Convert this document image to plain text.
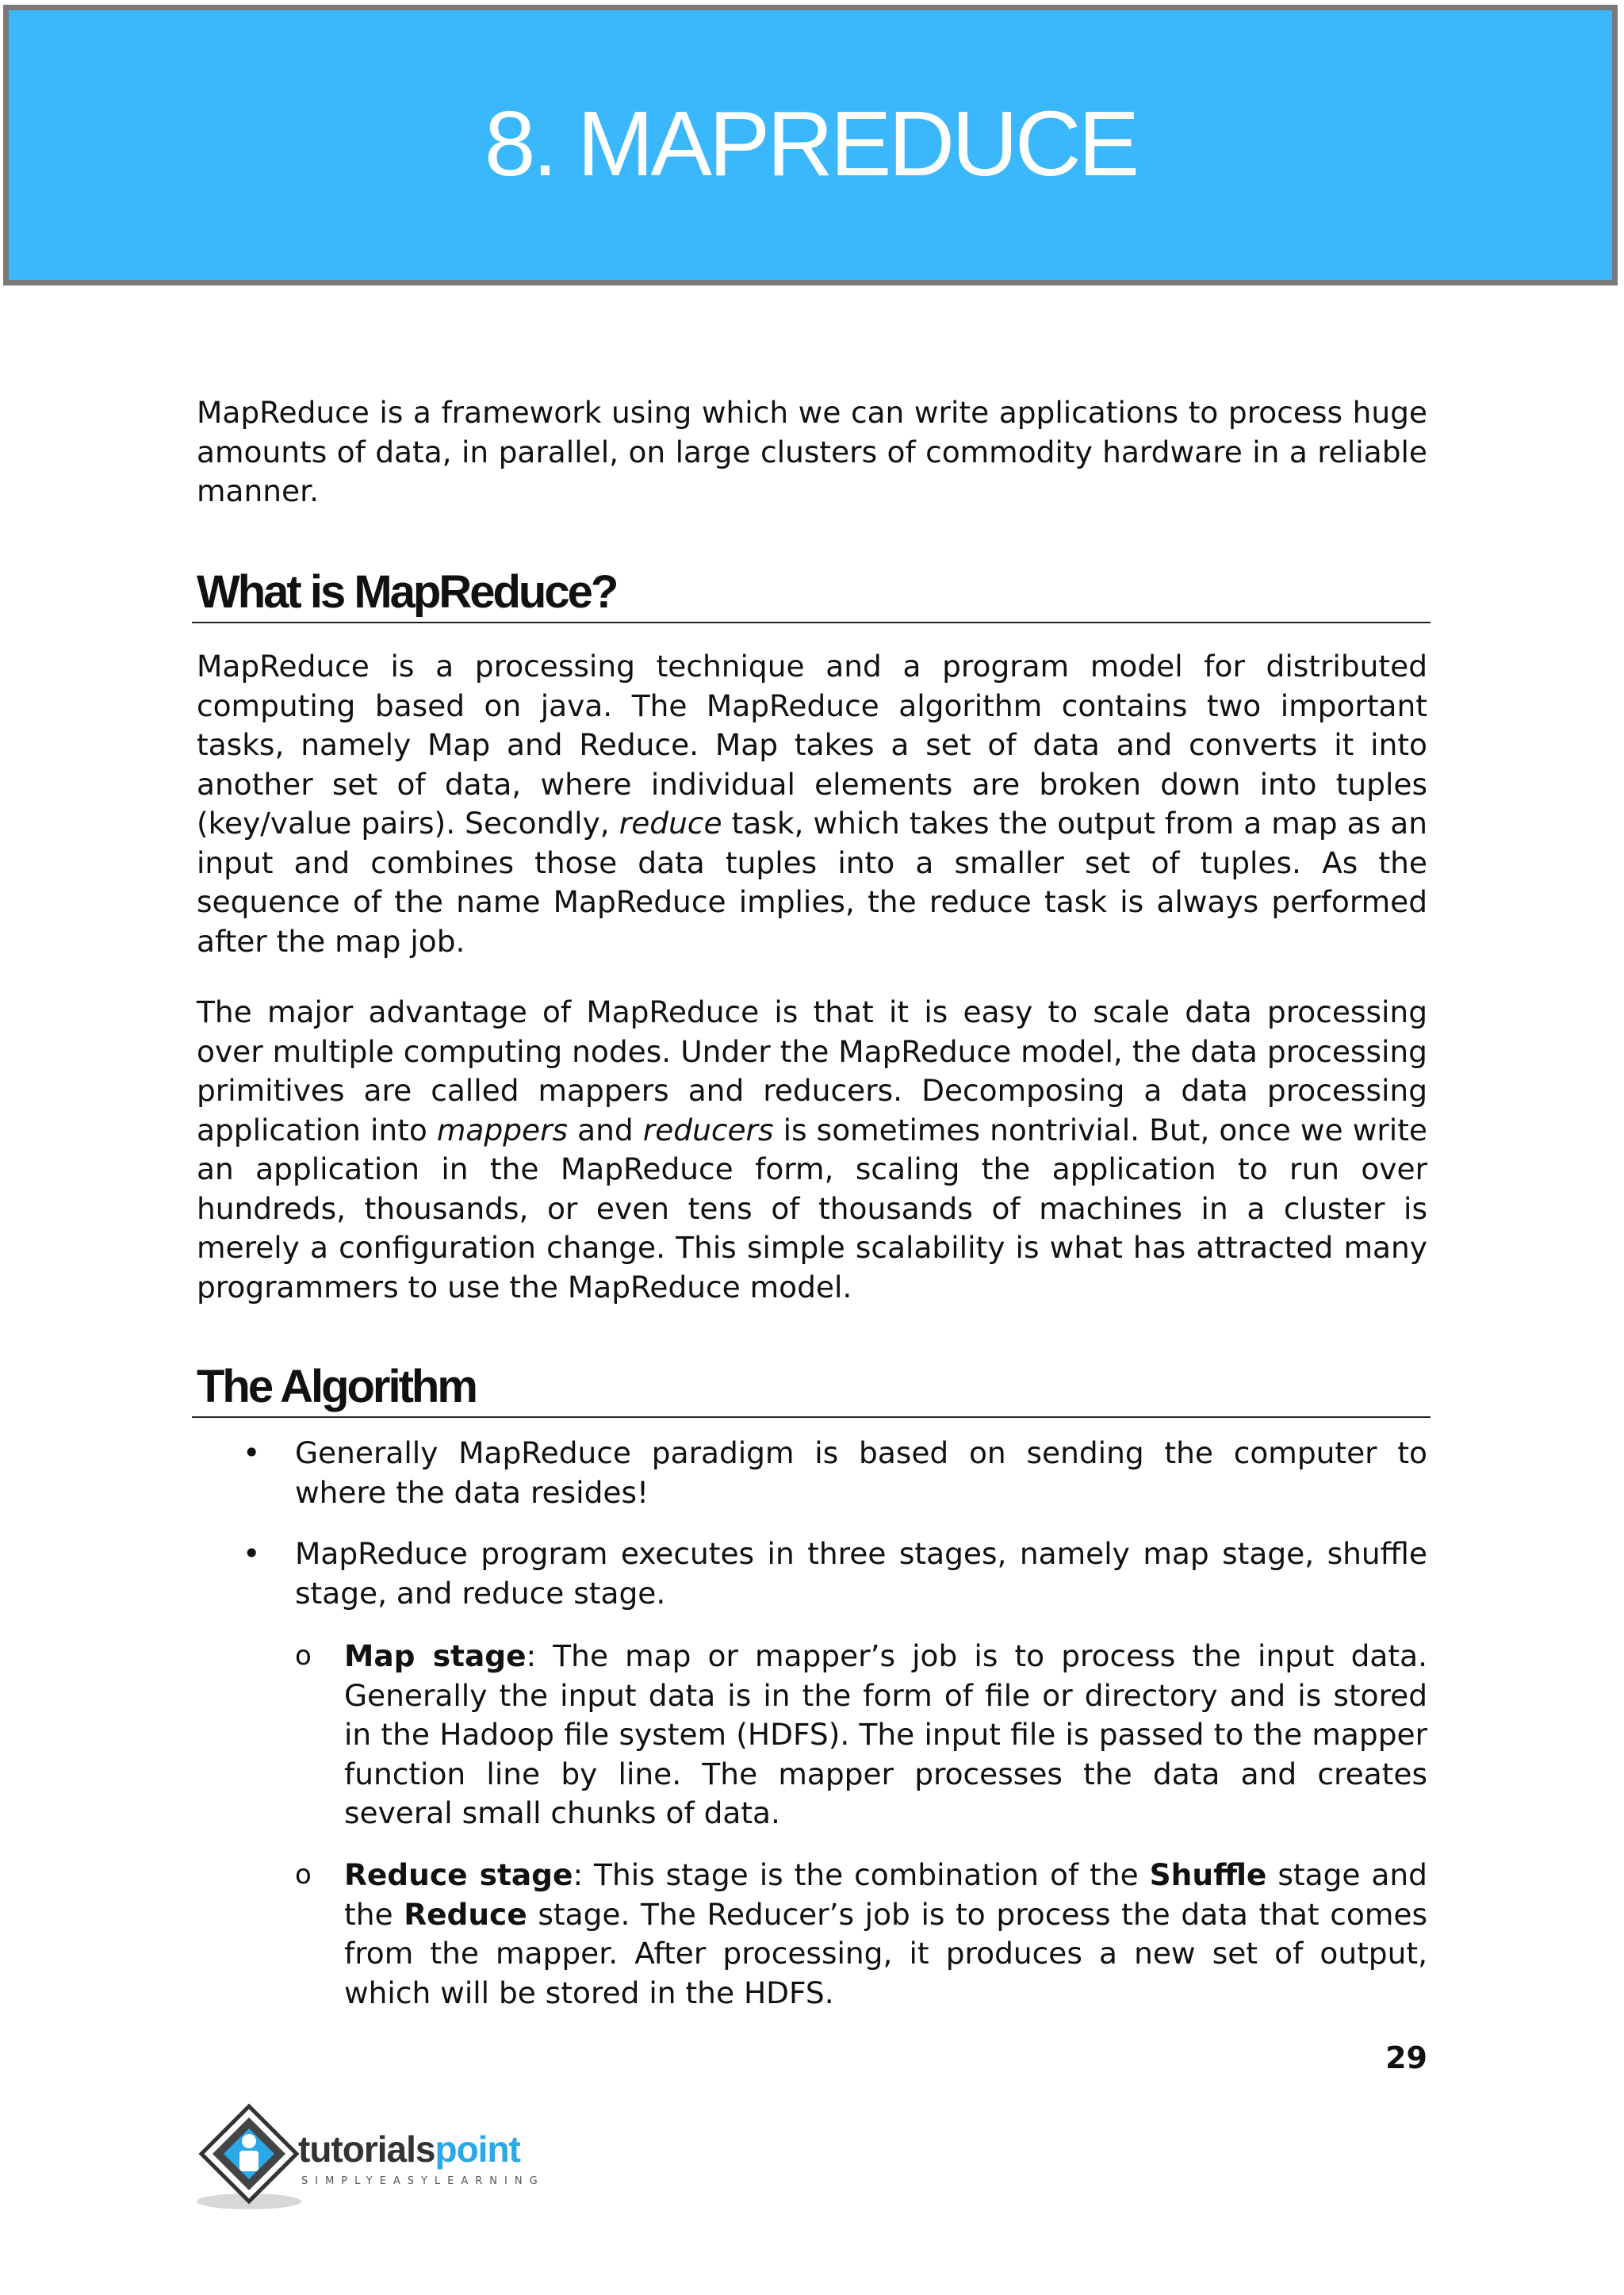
8. MAPREDUCE

MapReduce is a framework using which we can write applications to process huge amounts of data, in parallel, on large clusters of commodity hardware in a reliable manner.

What is MapReduce?

MapReduce is a processing technique and a program model for distributed computing based on java. The MapReduce algorithm contains two important tasks, namely Map and Reduce. Map takes a set of data and converts it into another set of data, where individual elements are broken down into tuples (key/value pairs). Secondly, reduce task, which takes the output from a map as an input and combines those data tuples into a smaller set of tuples. As the sequence of the name MapReduce implies, the reduce task is always performed after the map job.

The major advantage of MapReduce is that it is easy to scale data processing over multiple computing nodes. Under the MapReduce model, the data processing primitives are called mappers and reducers. Decomposing a data processing application into mappers and reducers is sometimes nontrivial. But, once we write an application in the MapReduce form, scaling the application to run over hundreds, thousands, or even tens of thousands of machines in a cluster is merely a configuration change. This simple scalability is what has attracted many programmers to use the MapReduce model.

The Algorithm
• Generally MapReduce paradigm is based on sending the computer to where the data resides!

• MapReduce program executes in three stages, namely map stage, shuffle stage, and reduce stage.

o Map stage: The map or mapper’s job is to process the input data. Generally the input data is in the form of file or directory and is stored in the Hadoop file system (HDFS). The input file is passed to the mapper function line by line. The mapper processes the data and creates several small chunks of data.

o Reduce stage: This stage is the combination of the Shuffle stage and the Reduce stage. The Reducer’s job is to process the data that comes from the mapper. After processing, it produces a new set of output, which will be stored in the HDFS.

29
tutorialspoint
SIMPLYEASYLEARNING
